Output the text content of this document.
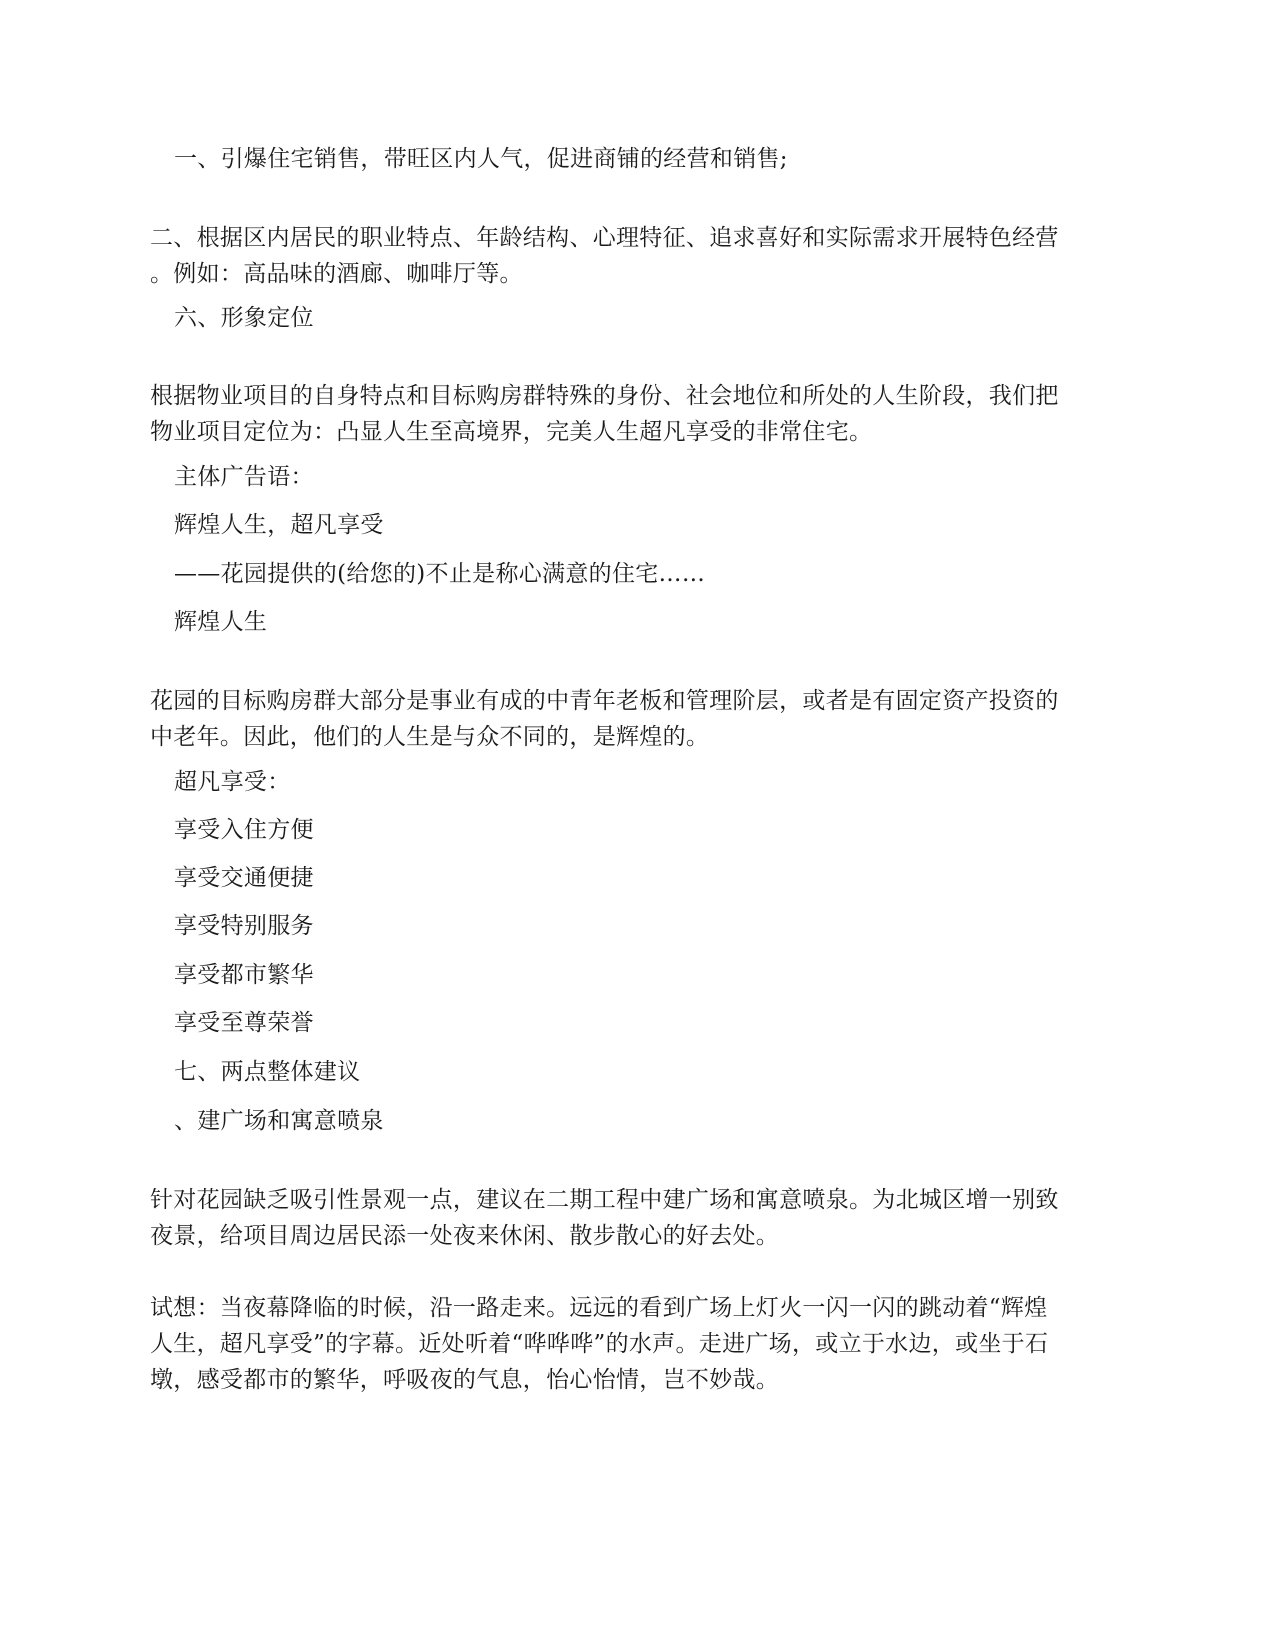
一、引爆住宅销售，带旺区内人气，促进商铺的经营和销售;
二、根据区内居民的职业特点、年龄结构、心理特征、追求喜好和实际需求开展特色经营
。例如：高品味的酒廊、咖啡厅等。
六、形象定位
根据物业项目的自身特点和目标购房群特殊的身份、社会地位和所处的人生阶段，我们把
物业项目定位为：凸显人生至高境界，完美人生超凡享受的非常住宅。
主体广告语：
辉煌人生，超凡享受
——花园提供的(给您的)不止是称心满意的住宅……
辉煌人生
花园的目标购房群大部分是事业有成的中青年老板和管理阶层，或者是有固定资产投资的
中老年。因此，他们的人生是与众不同的，是辉煌的。
超凡享受：
享受入住方便
享受交通便捷
享受特别服务
享受都市繁华
享受至尊荣誉
七、两点整体建议
、建广场和寓意喷泉
针对花园缺乏吸引性景观一点，建议在二期工程中建广场和寓意喷泉。为北城区增一别致
夜景，给项目周边居民添一处夜来休闲、散步散心的好去处。
试想：当夜幕降临的时候，沿一路走来。远远的看到广场上灯火一闪一闪的跳动着“辉煌
人生，超凡享受”的字幕。近处听着“哗哗哗”的水声。走进广场，或立于水边，或坐于石
墩，感受都市的繁华，呼吸夜的气息，怡心怡情，岂不妙哉。
